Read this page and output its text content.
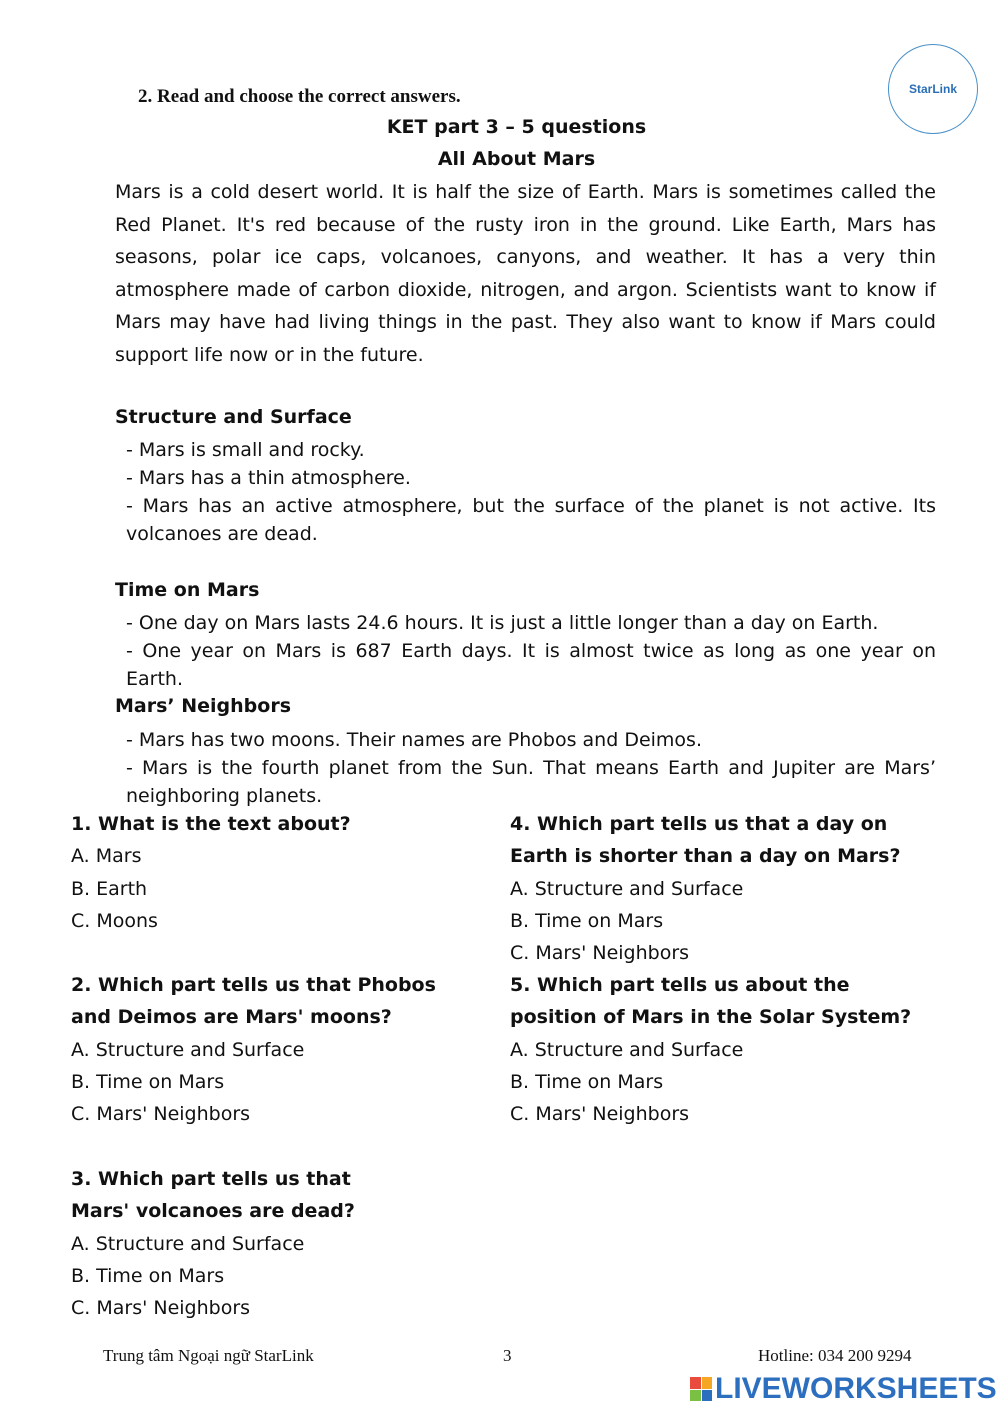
StarLink
2. Read and choose the correct answers.
KET part 3 – 5 questions
All About Mars
Mars is a cold desert world. It is half the size of Earth. Mars is sometimes called the Red Planet. It's red because of the rusty iron in the ground. Like Earth, Mars has seasons, polar ice caps, volcanoes, canyons, and weather. It has a very thin atmosphere made of carbon dioxide, nitrogen, and argon. Scientists want to know if Mars may have had living things in the past. They also want to know if Mars could support life now or in the future.
Structure and Surface
- Mars is small and rocky.
- Mars has a thin atmosphere.
- Mars has an active atmosphere, but the surface of the planet is not active. Its volcanoes are dead.
Time on Mars
- One day on Mars lasts 24.6 hours. It is just a little longer than a day on Earth.
- One year on Mars is 687 Earth days. It is almost twice as long as one year on Earth.
Mars’ Neighbors
- Mars has two moons. Their names are Phobos and Deimos.
- Mars is the fourth planet from the Sun. That means Earth and Jupiter are Mars’ neighboring planets.
1. What is the text about?
A. Mars
B. Earth
C. Moons
2. Which part tells us that Phobos and Deimos are Mars' moons?
A. Structure and Surface
B. Time on Mars
C. Mars' Neighbors
3. Which part tells us that Mars' volcanoes are dead?
A. Structure and Surface
B. Time on Mars
C. Mars' Neighbors
4. Which part tells us that a day on Earth is shorter than a day on Mars?
A. Structure and Surface
B. Time on Mars
C. Mars' Neighbors
5. Which part tells us about the position of Mars in the Solar System?
A. Structure and Surface
B. Time on Mars
C. Mars' Neighbors
Trung tâm Ngoại ngữ StarLink	3	Hotline: 034 200 9294
LIVEWORKSHEETS
